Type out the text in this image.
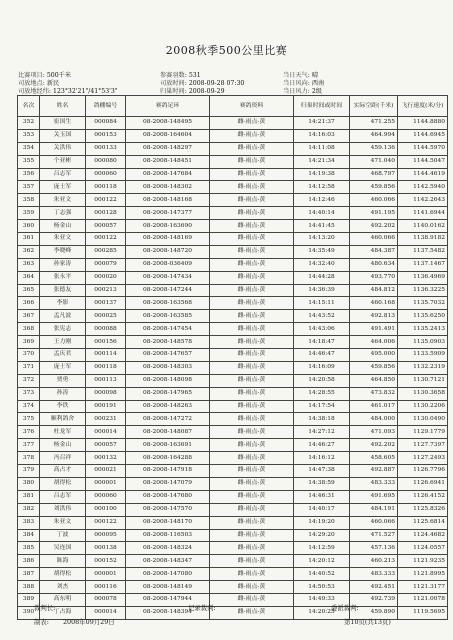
2008秋季500公里比赛
比赛项目: 500千米	参赛羽数: 531	当日天气: 晴
司放地点: 新民	司放时间: 2008-09-28 07:30	当日风向: 西南
司放地经纬: 123°32'21"/41°53'3"	归巢时间: 2008-09-29	当日风力: 2级
名次	姓名	鸽棚编号	赛鸽足环	赛鸽资料	归巢时间或时间	实际空距(千米)	飞行速度(米/分)
352	崔国生	000084	08-2008-148495	雌-雨点-黄	14:21:37	471.255	1144.8880
353	关玉国	000153	08-2008-164604	雌-雨点-黄	14:16:03	464.994	1144.6945
354	关洪伟	000133	08-2008-148297	雌-雨点-黄	14:11:08	459.136	1144.5970
355	个亚彬	000080	08-2008-148451	雌-雨点-黄	14:21:34	471.040	1144.5047
356	吕志军	000060	08-2008-147684	雌-雨点-黄	14:19:38	468.797	1144.4619
357	庞士军	000118	08-2008-148302	雌-雨点-黄	14:12:58	459.856	1142.5940
358	朱亚文	000122	08-2008-148168	雌-雨点-黄	14:12:46	460.066	1142.2643
359	丁志强	000128	08-2008-147377	雌-雨点-黄	14:40:14	491.195	1141.6944
360	杨金山	000057	08-2008-163690	雌-雨点-黄	14:41:45	492.202	1140.0162
361	朱亚文	000122	08-2008-148169	雌-雨点-黄	14:13:20	460.066	1138.9182
362	李晓峰	000285	08-2008-148720	雌-雨点-黄	14:35:49	484.387	1137.5482
363	孙家涛	000079	08-2008-036409	雌-雨点-黄	14:32:40	480.634	1137.1467
364	张永平	000020	08-2008-147434	雌-雨点-黄	14:44:28	493.770	1136.4969
365	张德友	000213	08-2008-147244	雌-雨点-黄	14:36:39	484.812	1136.3225
366	李影	000137	08-2008-163568	雌-雨点-黄	14:15:11	460.168	1135.7032
367	孟凡波	000025	08-2008-163585	雌-雨点-黄	14:43:52	492.813	1135.6250
368	张宪志	000088	08-2008-147454	雌-雨点-黄	14:43:06	491.491	1135.2413
369	王力刚	000156	08-2008-148578	雌-雨点-黄	14:18:47	464.006	1135.0903
370	孟庆君	000114	08-2008-147657	雌-雨点-黄	14:46:47	495.000	1133.5909
371	庞士军	000118	08-2008-148303	雌-雨点-黄	14:16:09	459.856	1132.2319
372	贾勇	000113	08-2008-148098	雌-雨点-黄	14:20:58	464.850	1130.7121
373	孙涛	000098	08-2008-147965	雌-雨点-黄	14:28:55	473.832	1130.3658
374	李铁	000191	08-2008-148263	雌-雨点-黄	14:17:54	461.017	1130.2206
375	顺利鸽舍	000231	08-2008-147272	雌-雨点-黄	14:38:18	484.000	1130.0490
376	杜龙军	000014	08-2008-148087	雌-雨点-黄	14:27:12	471.093	1129.1779
377	杨金山	000057	08-2008-163691	雌-雨点-黄	14:46:27	492.202	1127.7397
378	冯召祥	000132	08-2008-164288	雌-雨点-黄	14:16:12	458.605	1127.2493
379	高占才	000021	08-2008-147918	雌-雨点-黄	14:47:38	492.887	1126.7796
380	胡得松	000001	08-2008-147079	雌-雨点-黄	14:38:59	483.333	1126.6941
381	吕志军	000060	08-2008-147680	雌-雨点-黄	14:46:31	491.695	1126.4152
382	刘洪伟	000100	08-2008-147570	雌-雨点-黄	14:40:17	484.191	1125.8326
383	朱亚文	000122	08-2008-148170	雌-雨点-黄	14:19:20	460.066	1125.6814
384	丁波	000095	08-2008-116503	雌-雨点-黄	14:29:20	471.527	1124.4682
385	吴连国	000138	08-2008-148324	雌-雨点-黄	14:12:59	457.136	1124.0557
386	陈海	000152	08-2008-148347	雌-雨点-黄	14:20:12	460.213	1121.9235
387	胡得松	000001	08-2008-147080	雌-雨点-黄	14:40:52	483.333	1121.8995
388	刘杰	000116	08-2008-148149	雌-雨点-黄	14:50:53	492.451	1121.3177
389	高东明	000078	08-2008-147944	雌-雨点-黄	14:49:33	492.739	1121.0078
390	丁占海	000014	08-2008-148394	雌-雨点-黄	14:20:25	459.890	1119.5695
裁判长:	记录裁判:	委派裁判:
制表: 2008年09月29日	第10页(共13页)
